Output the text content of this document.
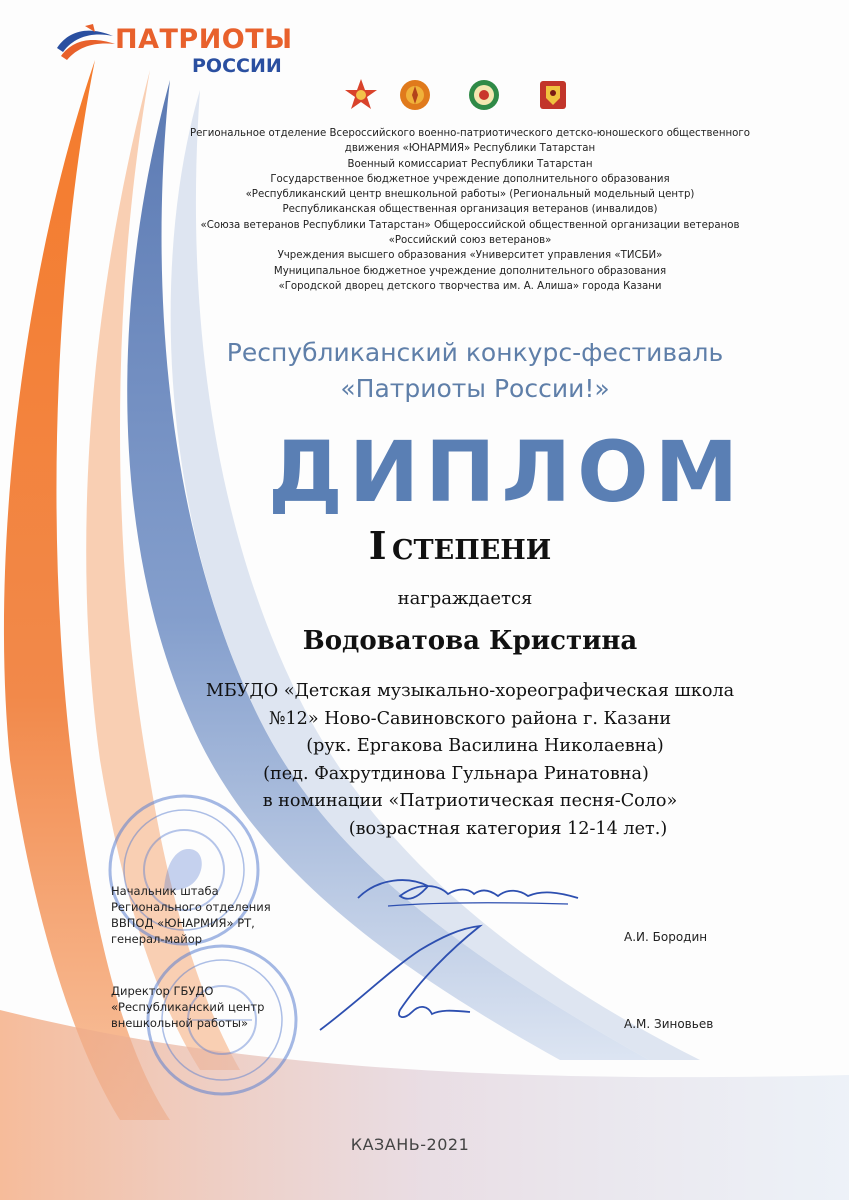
ПАТРИОТЫ
РОССИИ
Региональное отделение Всероссийского военно-патриотического детско-юношеского общественного
движения «ЮНАРМИЯ» Республики Татарстан
Военный комиссариат Республики Татарстан
Государственное бюджетное учреждение дополнительного образования
«Республиканский центр внешкольной работы» (Региональный модельный центр)
Республиканская общественная организация ветеранов (инвалидов)
«Союза ветеранов Республики Татарстан» Общероссийской общественной организации ветеранов
«Российский союз ветеранов»
Учреждения высшего образования «Университет управления «ТИСБИ»
Муниципальное бюджетное учреждение дополнительного образования
«Городской дворец детского творчества им. А. Алиша» города Казани
Республиканский конкурс-фестиваль
«Патриоты России!»
ДИПЛОМ
I СТЕПЕНИ
награждается
Водоватова Кристина
МБУДО «Детская музыкально-хореографическая школа
№12» Ново-Савиновского района г. Казани
(рук. Ергакова Василина Николаевна)
(пед. Фахрутдинова Гульнара Ринатовна)
в номинации «Патриотическая песня-Соло»
(возрастная категория 12-14 лет.)
Начальник штаба
Регионального отделения
ВВПОД «ЮНАРМИЯ» РТ,
генерал-майор	А.И. Бородин
Директор ГБУДО
«Республиканский центр
внешкольной работы»	А.М. Зиновьев
КАЗАНЬ-2021
